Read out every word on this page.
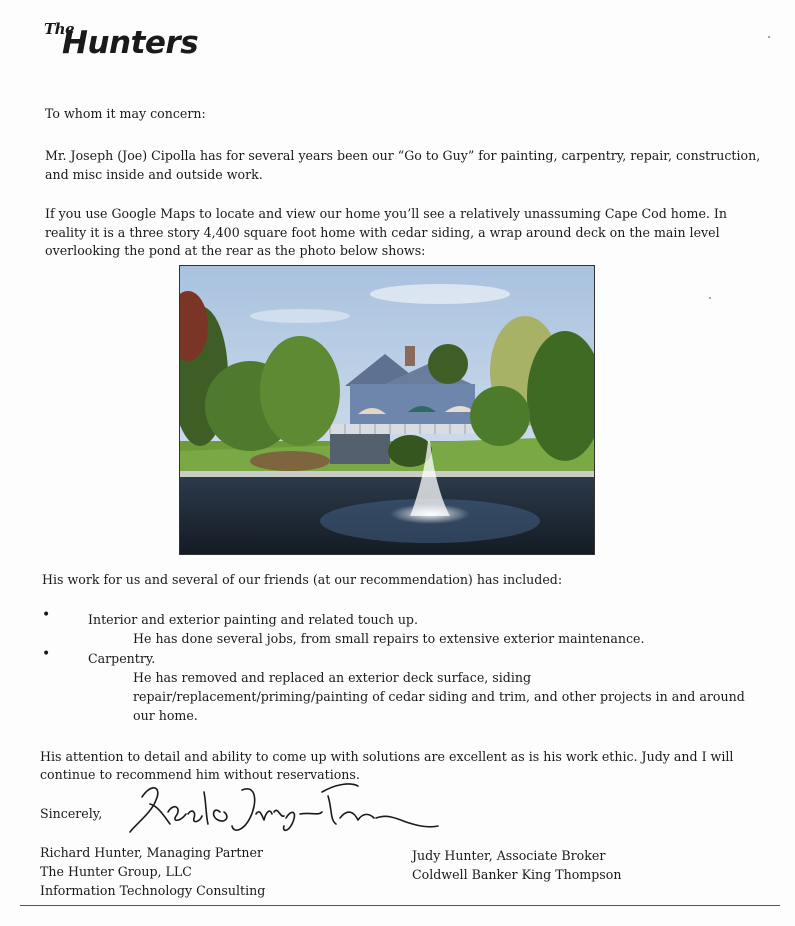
The
Hunters

To whom it may concern:

Mr. Joseph (Joe) Cipolla has for several years been our “Go to Guy” for painting, carpentry, repair, construction,

and misc inside and outside work.

If you use Google Maps to locate and view our home you’ll see a relatively unassuming Cape Cod home. In

reality it is a three story 4,400 square foot home with cedar siding, a wrap around deck on the main level

overlooking the pond at the rear as the photo below shows:

His work for us and several of our friends (at our recommendation) has included:

•	Interior and exterior painting and related touch up.

He has done several jobs, from small repairs to extensive exterior maintenance.

•	Carpentry.

He has removed and replaced an exterior deck surface, siding

repair/replacement/priming/painting of cedar siding and trim, and other projects in and around

our home.

His attention to detail and ability to come up with solutions are excellent as is his work ethic. Judy and I will

continue to recommend him without reservations.

Sincerely,

Richard Hunter, Managing Partner

The Hunter Group, LLC

Information Technology Consulting

Judy Hunter, Associate Broker

Coldwell Banker King Thompson
